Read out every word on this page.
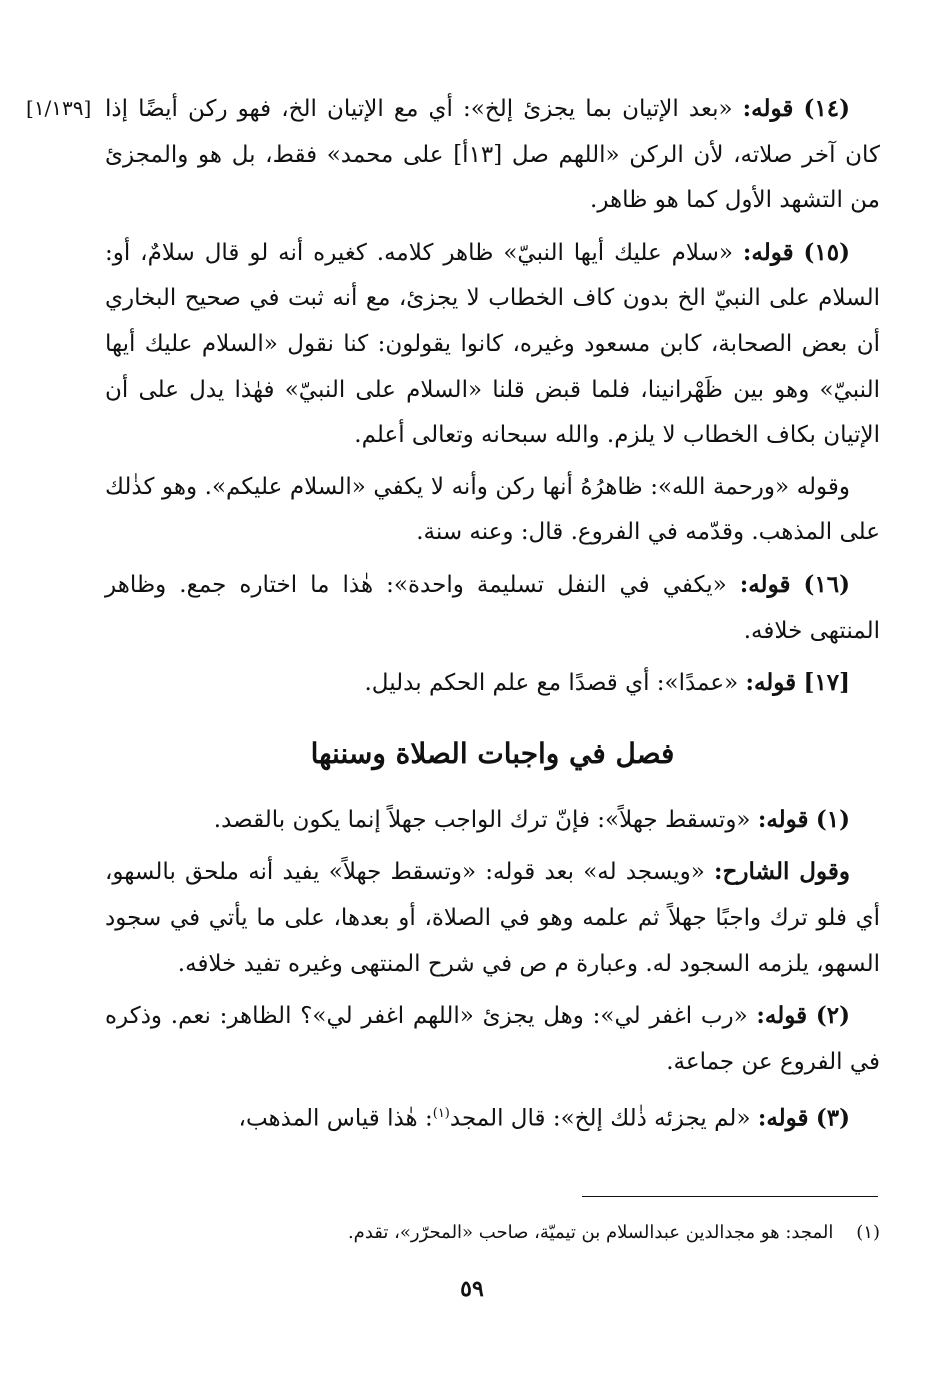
[١/١٣٩]	(١٤) قوله: «بعد الإتيان بما يجزئ إلخ»: أي مع الإتيان الخ، فهو ركن أيضًا إذا كان آخر صلاته، لأن الركن «اللهم صل [١٣أ] على محمد» فقط، بل هو والمجزئ من التشهد الأول كما هو ظاهر.

(١٥) قوله: «سلام عليك أيها النبيّ» ظاهر كلامه. كغيره أنه لو قال سلامٌ، أو: السلام على النبيّ الخ بدون كاف الخطاب لا يجزئ، مع أنه ثبت في صحيح البخاري أن بعض الصحابة، كابن مسعود وغيره، كانوا يقولون: كنا نقول «السلام عليك أيها النبيّ» وهو بين ظَهْرانينا، فلما قبض قلنا «السلام على النبيّ» فهٰذا يدل على أن الإتيان بكاف الخطاب لا يلزم. والله سبحانه وتعالى أعلم.

وقوله «ورحمة الله»: ظاهرُهُ أنها ركن وأنه لا يكفي «السلام عليكم». وهو كذٰلك على المذهب. وقدّمه في الفروع. قال: وعنه سنة.

(١٦) قوله: «يكفي في النفل تسليمة واحدة»: هٰذا ما اختاره جمع. وظاهر المنتهى خلافه.

[١٧] قوله: «عمدًا»: أي قصدًا مع علم الحكم بدليل.

فصل في واجبات الصلاة وسننها

(١) قوله: «وتسقط جهلاً»: فإنّ ترك الواجب جهلاً إنما يكون بالقصد.

وقول الشارح: «ويسجد له» بعد قوله: «وتسقط جهلاً» يفيد أنه ملحق بالسهو، أي فلو ترك واجبًا جهلاً ثم علمه وهو في الصلاة، أو بعدها، على ما يأتي في سجود السهو، يلزمه السجود له. وعبارة م ص في شرح المنتهى وغيره تفيد خلافه.

(٢) قوله: «رب اغفر لي»: وهل يجزئ «اللهم اغفر لي»؟ الظاهر: نعم. وذكره في الفروع عن جماعة.

(٣) قوله: «لم يجزئه ذٰلك إلخ»: قال المجد$^{(١)}$: هٰذا قياس المذهب،

(١)    المجد: هو مجدالدين عبدالسلام بن تيميّة، صاحب «المحرّر»، تقدم.
٥٩
